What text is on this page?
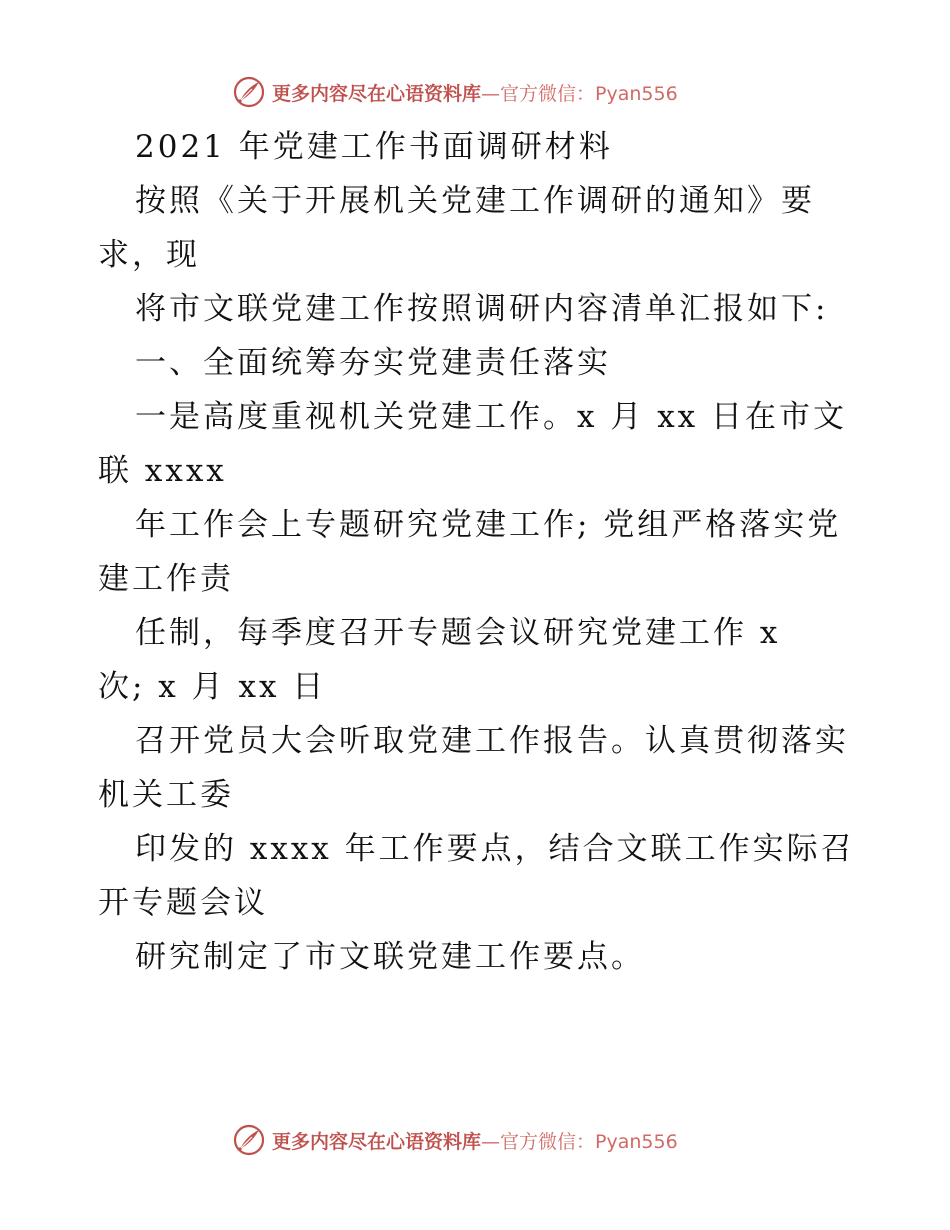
更多内容尽在心语资料库 —官方微信：Pyan556
2021 年党建工作书面调研材料
按照《关于开展机关党建工作调研的通知》要
求，现
将市文联党建工作按照调研内容清单汇报如下:
一、全面统筹夯实党建责任落实
一是高度重视机关党建工作。x 月 xx 日在市文
联 xxxx
年工作会上专题研究党建工作; 党组严格落实党
建工作责
任制，每季度召开专题会议研究党建工作 x
次; x 月 xx 日
召开党员大会听取党建工作报告。认真贯彻落实
机关工委
印发的 xxxx 年工作要点，结合文联工作实际召
开专题会议
研究制定了市文联党建工作要点。
更多内容尽在心语资料库 —官方微信：Pyan556
